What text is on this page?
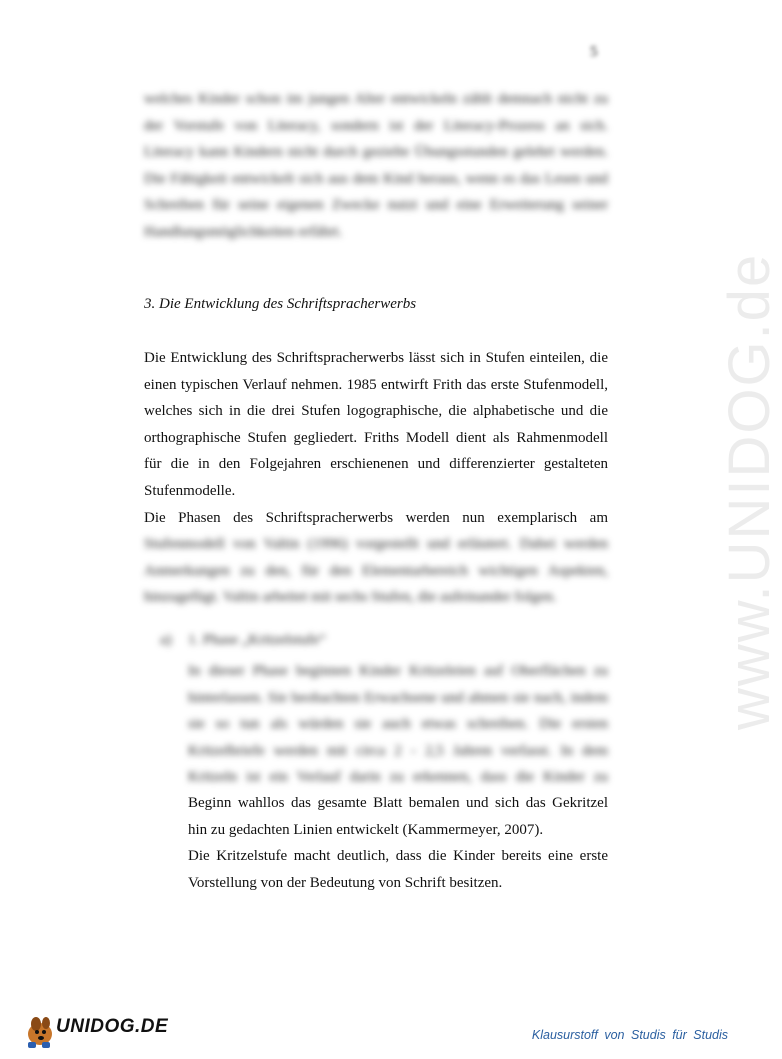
5
welches Kinder schon im jungen Alter entwickeln zählt demnach nicht zu
der Vorstufe von Literacy, sondern ist der Literacy-Prozess an sich.
Literacy kann Kindern nicht durch gezielte Übungsstunden gelehrt werden.
Die Fähigkeit entwickelt sich aus dem Kind heraus, wenn es das Lesen und
Schreiben für seine eigenen Zwecke nutzt und eine Erweiterung seiner
Handlungsmöglichkeiten erfährt.
3. Die Entwicklung des Schriftspracherwerbs
Die Entwicklung des Schriftspracherwerbs lässt sich in Stufen einteilen, die
einen typischen Verlauf nehmen. 1985 entwirft Frith das erste Stufenmodell,
welches sich in die drei Stufen logographische, die alphabetische und die
orthographische Stufen gegliedert. Friths Modell dient als Rahmenmodell
für die in den Folgejahren erschienenen und differenzierter gestalteten
Stufenmodelle.
Die Phasen des Schriftspracherwerbs werden nun exemplarisch am
Stufenmodell von Valtin (1996) vorgestellt und erläutert. Dabei werden
Anmerkungen zu den, für den Elementarbereich wichtigen Aspekten,
hinzugefügt. Valtin arbeitet mit sechs Stufen, die aufeinander folgen.
a) 1. Phase „Kritzelstufe“
In dieser Phase beginnen Kinder Kritzeleien auf Oberflächen zu
hinterlassen. Sie beobachten Erwachsene und ahmen sie nach, indem
sie so tun als würden sie auch etwas schreiben. Die ersten
Kritzelbriefe werden mit circa 2 - 2,5 Jahren verfasst. In dem
Kritzeln ist ein Verlauf darin zu erkennen, dass die Kinder zu
Beginn wahllos das gesamte Blatt bemalen und sich das Gekritzel
hin zu gedachten Linien entwickelt (Kammermeyer, 2007).
Die Kritzelstufe macht deutlich, dass die Kinder bereits eine erste
Vorstellung von der Bedeutung von Schrift besitzen.
www.UNIDOG.de
UNIDOG.DE	Klausurstoff von Studis für Studis
